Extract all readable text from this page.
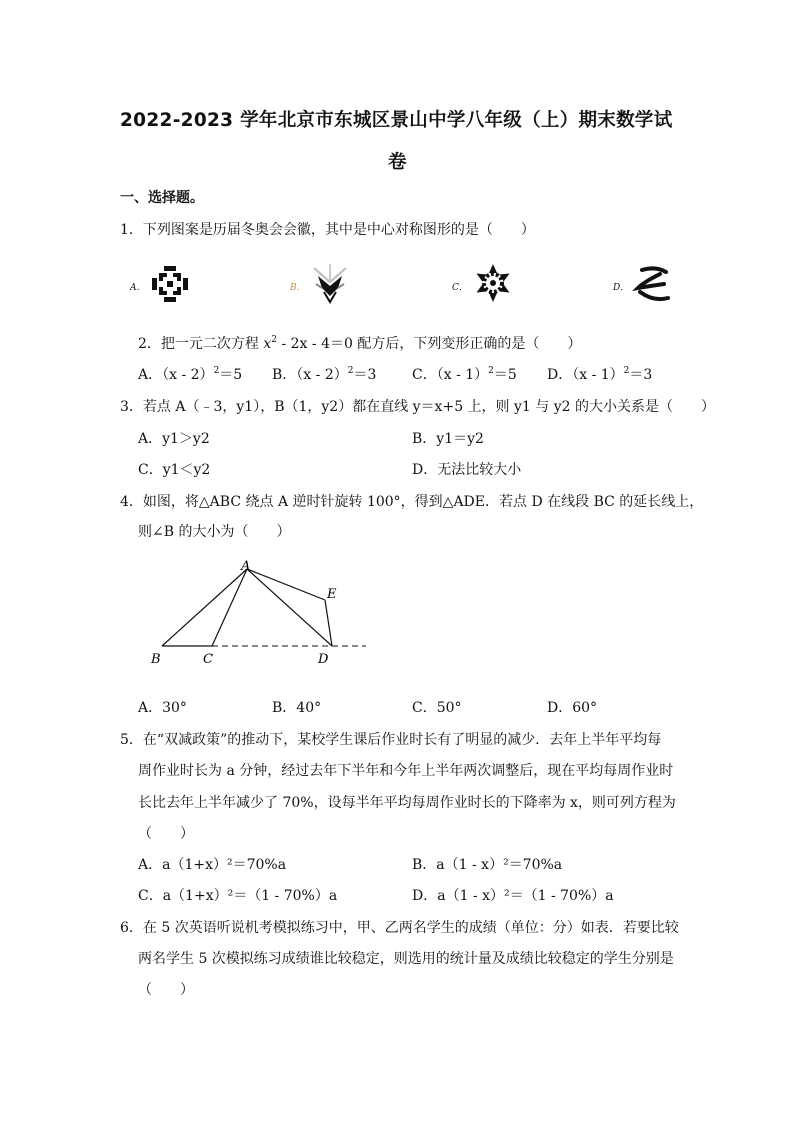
2022-2023 学年北京市东城区景山中学八年级（上）期末数学试
卷
一、选择题。
1．下列图案是历届冬奥会会徽，其中是中心对称图形的是（　　）
A．	B．	C．	D．
2．把一元二次方程 $x^2 - 2x - 4=0$ 配方后，下列变形正确的是（　　）
A．（x - 2）$^2$＝5 B．（x - 2）$^2$＝3	C．（x - 1）$^2$＝5 D．（x - 1）$^2$＝3
3．若点 A（﹣3，y1），B（1，y2）都在直线 y＝x+5 上，则 y1 与 y2 的大小关系是（　　）
A．y1＞y2	B．y1＝y2
C．y1＜y2	D．无法比较大小
4．如图，将△ABC 绕点 A 逆时针旋转 100°，得到△ADE．若点 D 在线段 BC 的延长线上，
则∠B 的大小为（　　）
A
B	C	D
E
A．30°	B．40°	C．50°	D．60°
5．在“双减政策”的推动下，某校学生课后作业时长有了明显的减少．去年上半年平均每
周作业时长为 a 分钟，经过去年下半年和今年上半年两次调整后，现在平均每周作业时
长比去年上半年减少了 70%，设每半年平均每周作业时长的下降率为 x，则可列方程为
（　　）
A．a（1+x）²＝70%a	B．a（1 - x）²＝70%a
C．a（1+x）²＝（1 - 70%）a	D．a（1 - x）²＝（1 - 70%）a
6．在 5 次英语听说机考模拟练习中，甲、乙两名学生的成绩（单位：分）如表．若要比较
两名学生 5 次模拟练习成绩谁比较稳定，则选用的统计量及成绩比较稳定的学生分别是
（　　）
